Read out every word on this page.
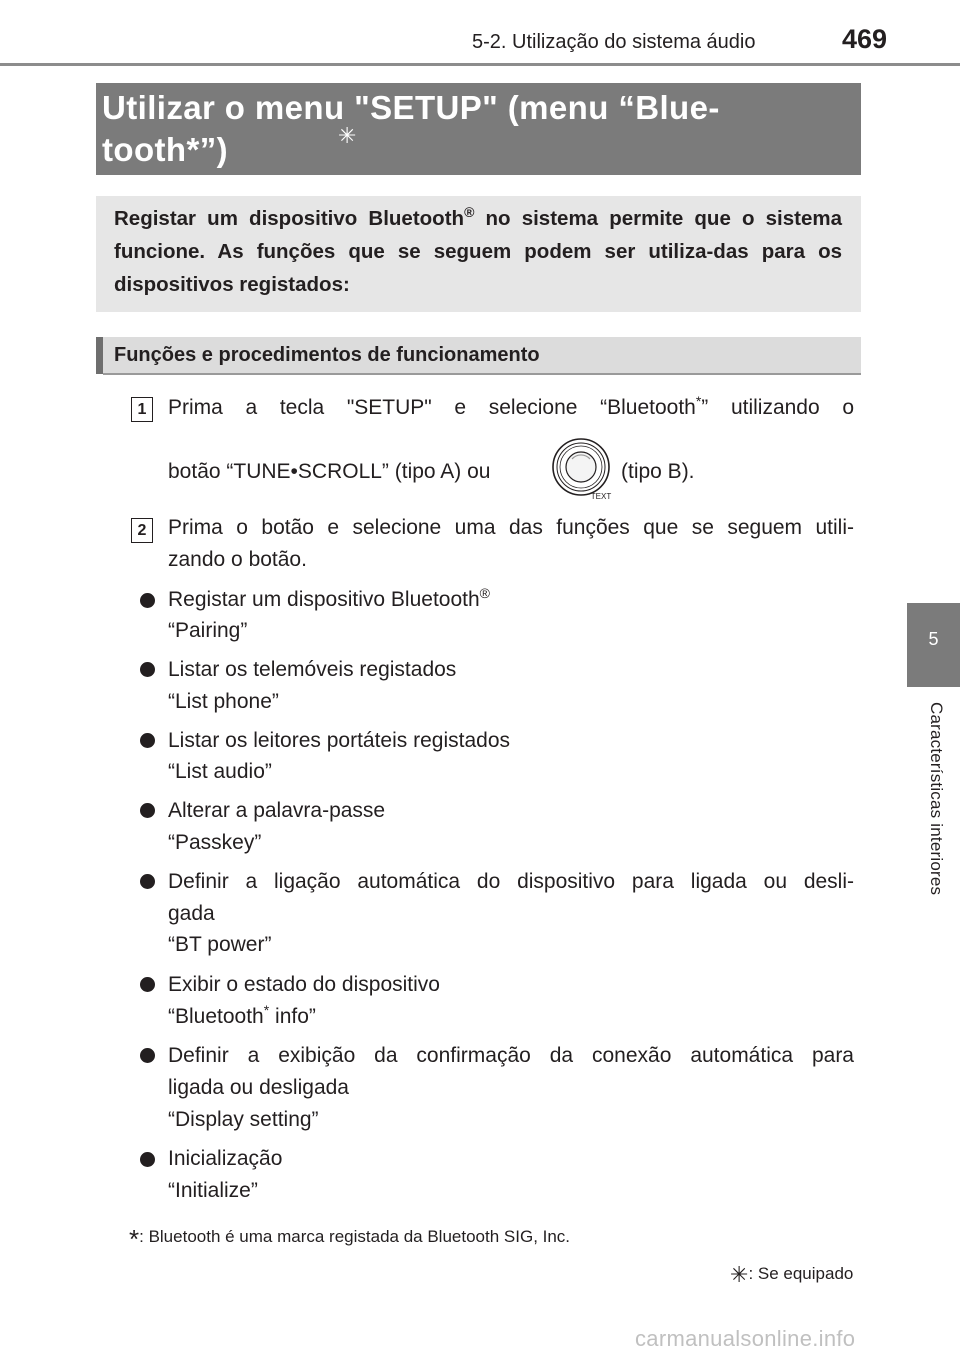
5-2. Utilização do sistema áudio	469
5
Características interiores
Utilizar o menu "SETUP" (menu “Blue-
tooth*”)	✳
Registar um dispositivo Bluetooth® no sistema permite que o sistema funcione. As funções que se seguem podem ser utiliza-das para os dispositivos registados:
Funções e procedimentos de funcionamento
1	Prima a tecla "SETUP" e selecione “Bluetooth*” utilizando o
botão “TUNE•SCROLL” (tipo A) ou
TEXT
(tipo B).
2	Prima o botão e selecione uma das funções que se seguem utili-
zando o botão.
Registar um dispositivo Bluetooth®
“Pairing”
Listar os telemóveis registados
“List phone”
Listar os leitores portáteis registados
“List audio”
Alterar a palavra-passe
“Passkey”
Definir a ligação automática do dispositivo para ligada ou desli-
gada
“BT power”
Exibir o estado do dispositivo
“Bluetooth* info”
Definir a exibição da confirmação da conexão automática para
ligada ou desligada
“Display setting”
Inicialização
“Initialize”
*: Bluetooth é uma marca registada da Bluetooth SIG, Inc.
✳: Se equipado
carmanualsonline.info
